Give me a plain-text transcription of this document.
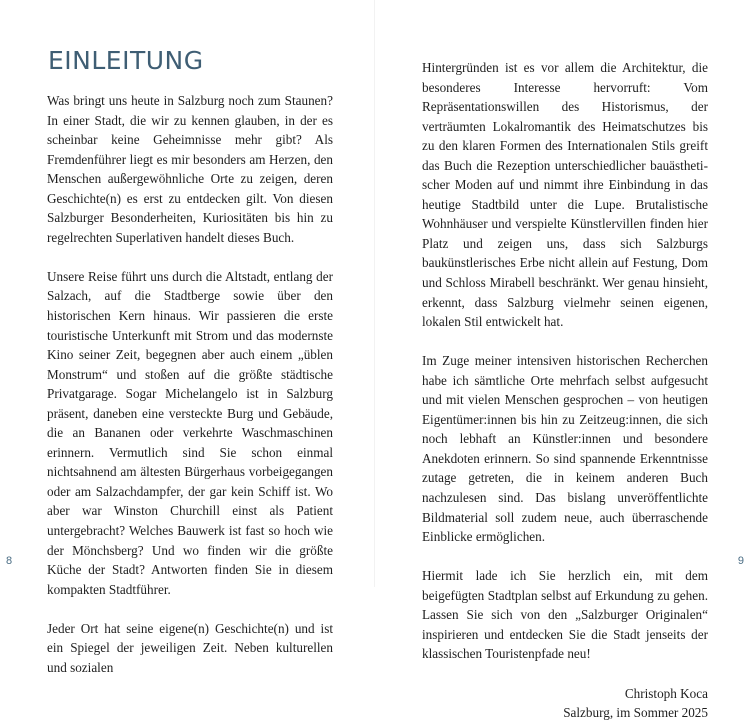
EINLEITUNG

Was bringt uns heute in Salzburg noch zum Staunen? In einer Stadt, die wir zu kennen glauben, in der es scheinbar keine Geheimnisse mehr gibt? Als Fremdenführer liegt es mir besonders am Herzen, den Menschen außergewöhnliche Orte zu zeigen, deren Geschichte(n) es erst zu entdecken gilt. Von diesen Salzburger Besonderheiten, Kuriositäten bis hin zu regelrechten Superlativen handelt dieses Buch.

Unsere Reise führt uns durch die Altstadt, entlang der Salzach, auf die Stadtberge sowie über den historischen Kern hinaus. Wir passieren die erste touristische Unterkunft mit Strom und das modernste Kino seiner Zeit, begegnen aber auch einem „üblen Monstrum“ und stoßen auf die größte städtische Privatgarage. Sogar Michelangelo ist in Salzburg präsent, daneben eine versteckte Burg und Gebäude, die an Bananen oder verkehrte Waschmaschinen erinnern. Vermutlich sind Sie schon einmal nichtsahnend am ältesten Bürgerhaus vorbeigegangen oder am Salzachdampfer, der gar kein Schiff ist. Wo aber war Winston Churchill einst als Patient untergebracht? Welches Bauwerk ist fast so hoch wie der Mönchsberg? Und wo finden wir die größte Küche der Stadt? Antworten finden Sie in diesem kompakten Stadtführer.

Jeder Ort hat seine eigene(n) Geschichte(n) und ist ein Spiegel der jeweiligen Zeit. Neben kulturellen und sozialen

8

Hintergründen ist es vor allem die Architektur, die besonderes Interesse hervorruft: Vom Repräsentationswillen des Historismus, der verträumten Lokalromantik des Heimatschutzes bis zu den klaren Formen des Internationalen Stils greift das Buch die Rezeption unterschiedlicher bauästhetischer Moden auf und nimmt ihre Einbindung in das heutige Stadtbild unter die Lupe. Brutalistische Wohnhäuser und verspielte Künstlervillen finden hier Platz und zeigen uns, dass sich Salzburgs baukünstlerisches Erbe nicht allein auf Festung, Dom und Schloss Mirabell beschränkt. Wer genau hinsieht, erkennt, dass Salzburg vielmehr seinen eigenen, lokalen Stil entwickelt hat.

Im Zuge meiner intensiven historischen Recherchen habe ich sämtliche Orte mehrfach selbst aufgesucht und mit vielen Menschen gesprochen – von heutigen Eigentümer:innen bis hin zu Zeitzeug:innen, die sich noch lebhaft an Künstler:innen und besondere Anekdoten erinnern. So sind spannende Erkenntnisse zutage getreten, die in keinem anderen Buch nachzulesen sind. Das bislang unveröffentlichte Bildmaterial soll zudem neue, auch überraschende Einblicke ermöglichen.

Hiermit lade ich Sie herzlich ein, mit dem beigefügten Stadtplan selbst auf Erkundung zu gehen. Lassen Sie sich von den „Salzburger Originalen“ inspirieren und entdecken Sie die Stadt jenseits der klassischen Touristenpfade neu!

Christoph Koca
Salzburg, im Sommer 2025
9
